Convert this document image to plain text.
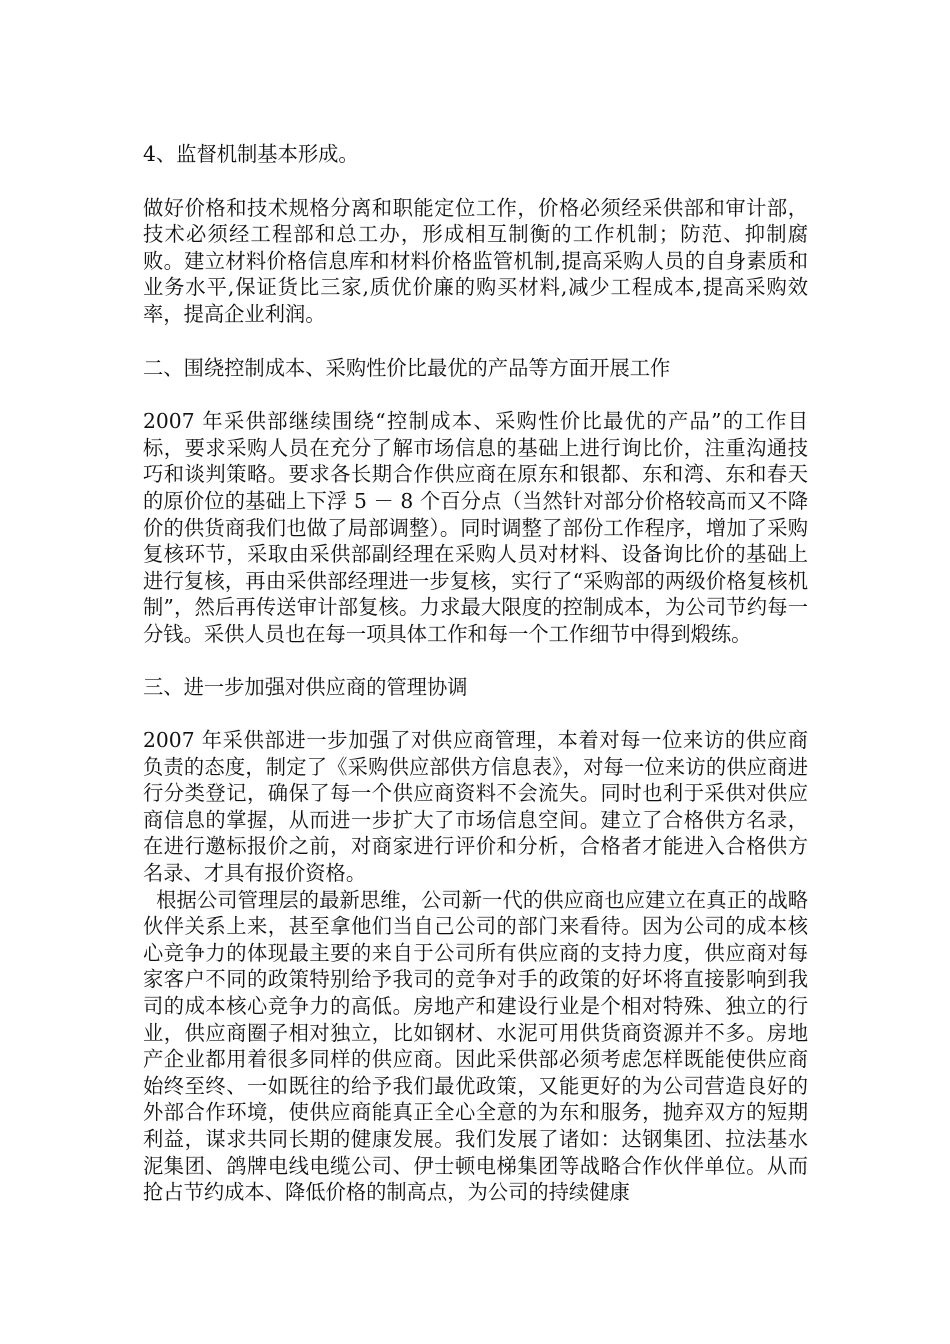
4、监督机制基本形成。

做好价格和技术规格分离和职能定位工作，价格必须经采供部和审计部，技术必须经工程部和总工办，形成相互制衡的工作机制；防范、抑制腐败。建立材料价格信息库和材料价格监管机制,提高采购人员的自身素质和业务水平,保证货比三家,质优价廉的购买材料,减少工程成本,提高采购效率，提高企业利润。

二、围绕控制成本、采购性价比最优的产品等方面开展工作

2007 年采供部继续围绕“控制成本、采购性价比最优的产品”的工作目标，要求采购人员在充分了解市场信息的基础上进行询比价，注重沟通技巧和谈判策略。要求各长期合作供应商在原东和银都、东和湾、东和春天的原价位的基础上下浮 5 － 8 个百分点（当然针对部分价格较高而又不降价的供货商我们也做了局部调整）。同时调整了部份工作程序，增加了采购复核环节，采取由采供部副经理在采购人员对材料、设备询比价的基础上进行复核，再由采供部经理进一步复核，实行了“采购部的两级价格复核机制”，然后再传送审计部复核。力求最大限度的控制成本，为公司节约每一分钱。采供人员也在每一项具体工作和每一个工作细节中得到煅练。

三、进一步加强对供应商的管理协调

2007 年采供部进一步加强了对供应商管理，本着对每一位来访的供应商负责的态度，制定了《采购供应部供方信息表》，对每一位来访的供应商进行分类登记，确保了每一个供应商资料不会流失。同时也利于采供对供应商信息的掌握，从而进一步扩大了市场信息空间。建立了合格供方名录，在进行邀标报价之前，对商家进行评价和分析，合格者才能进入合格供方名录、才具有报价资格。

根据公司管理层的最新思维，公司新一代的供应商也应建立在真正的战略伙伴关系上来，甚至拿他们当自己公司的部门来看待。因为公司的成本核心竞争力的体现最主要的来自于公司所有供应商的支持力度，供应商对每家客户不同的政策特别给予我司的竞争对手的政策的好坏将直接影响到我司的成本核心竞争力的高低。房地产和建设行业是个相对特殊、独立的行业，供应商圈子相对独立，比如钢材、水泥可用供货商资源并不多。房地产企业都用着很多同样的供应商。因此采供部必须考虑怎样既能使供应商始终至终、一如既往的给予我们最优政策，又能更好的为公司营造良好的外部合作环境，使供应商能真正全心全意的为东和服务，抛弃双方的短期利益，谋求共同长期的健康发展。我们发展了诸如：达钢集团、拉法基水泥集团、鸽牌电线电缆公司、伊士顿电梯集团等战略合作伙伴单位。从而抢占节约成本、降低价格的制高点，为公司的持续健康
